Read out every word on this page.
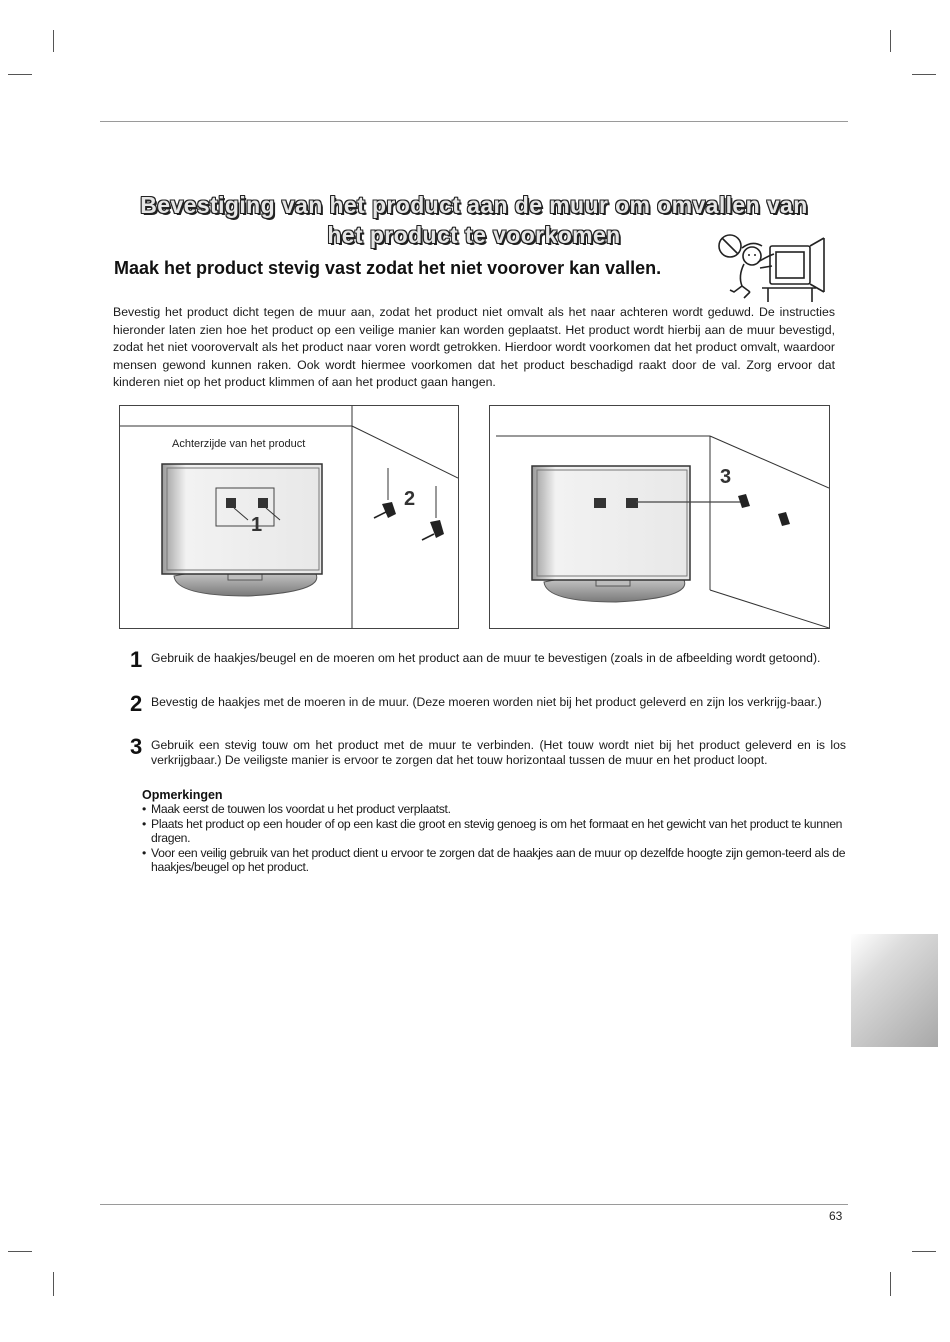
Bevestiging van het product aan de muur om omvallen van
het product te voorkomen
Maak het product stevig vast zodat het niet voorover kan vallen.

Bevestig het product dicht tegen de muur aan, zodat het product niet omvalt als het naar achteren wordt geduwd. De instructies hieronder laten zien hoe het product op een veilige manier kan worden geplaatst. Het product wordt hierbij aan de muur bevestigd, zodat het niet voorovervalt als het product naar voren wordt getrokken. Hierdoor wordt voorkomen dat het product omvalt, waardoor mensen gewond kunnen raken. Ook wordt hiermee voorkomen dat het product beschadigd raakt door de val. Zorg ervoor dat kinderen niet op het product klimmen of aan het product gaan hangen.

Achterzijde van het product
1
2
3
1 Gebruik de haakjes/beugel en de moeren om het product aan de muur te bevestigen (zoals in de afbeelding wordt getoond).

2 Bevestig de haakjes met de moeren in de muur. (Deze moeren worden niet bij het product geleverd en zijn los verkrijg-baar.)

3 Gebruik een stevig touw om het product met de muur te verbinden. (Het touw wordt niet bij het product geleverd en is los verkrijgbaar.) De veiligste manier is ervoor te zorgen dat het touw horizontaal tussen de muur en het product loopt.

Opmerkingen

• Maak eerst de touwen los voordat u het product verplaatst.
• Plaats het product op een houder of op een kast die groot en stevig genoeg is om het formaat en het gewicht van het product te kunnen dragen.
• Voor een veilig gebruik van het product dient u ervoor te zorgen dat de haakjes aan de muur op dezelfde hoogte zijn gemon-teerd als de haakjes/beugel op het product.
63
